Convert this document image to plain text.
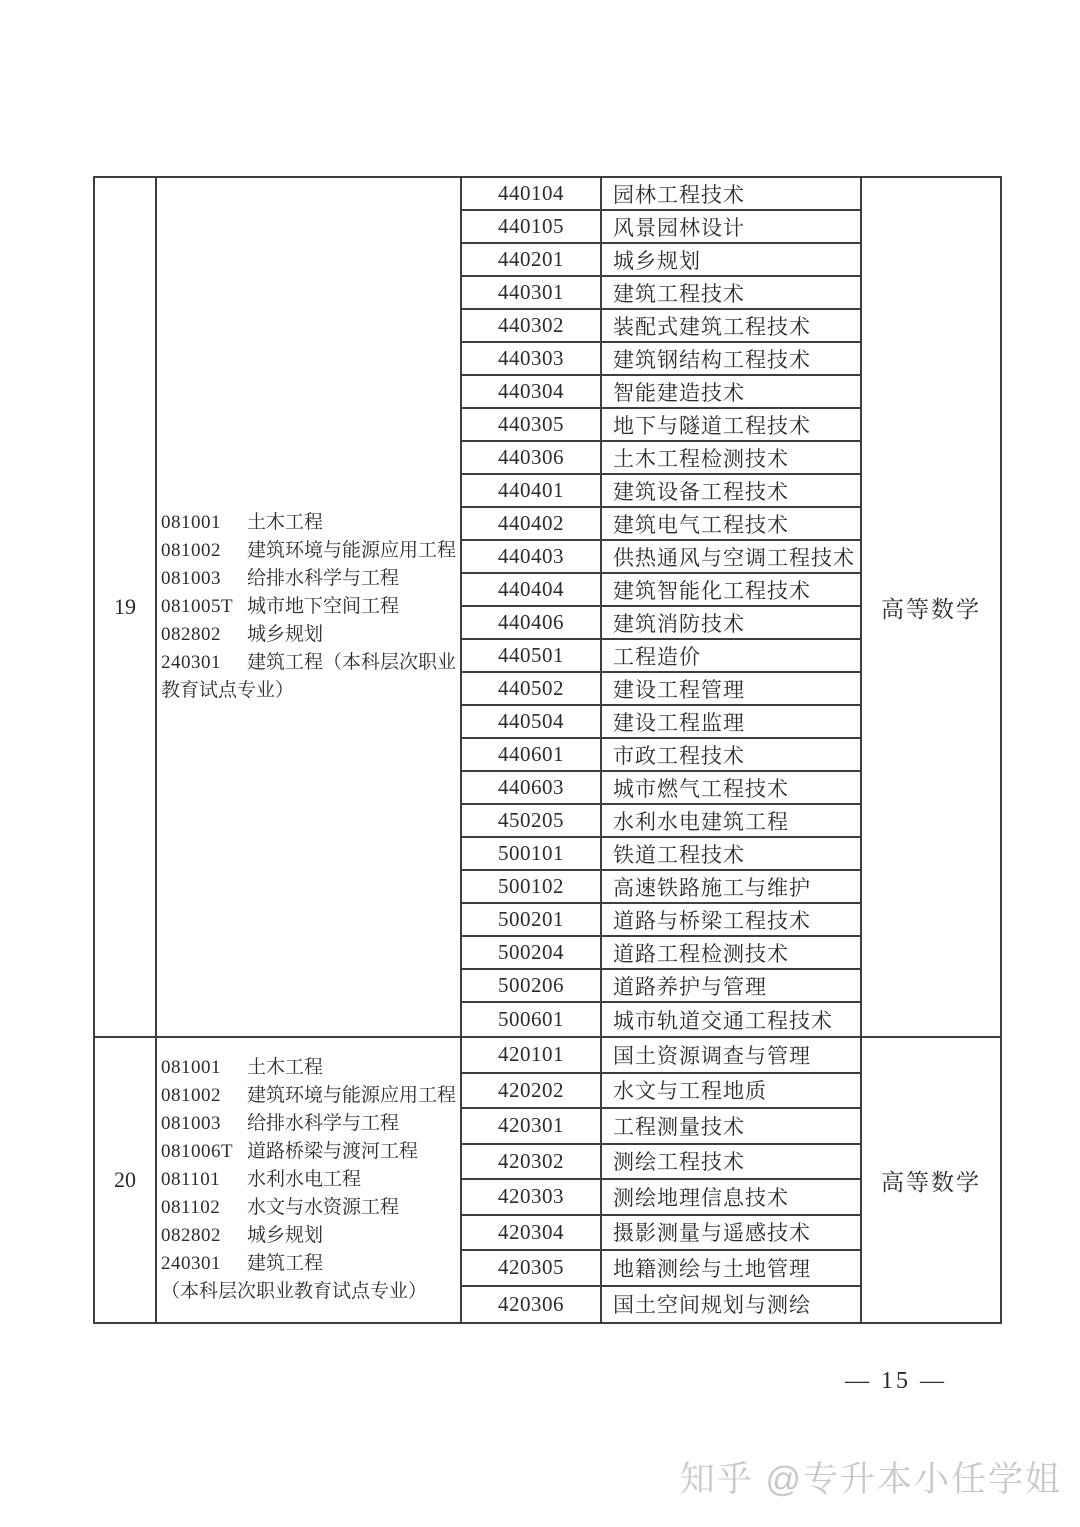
19
081001 土木工程
081002 建筑环境与能源应用工程
081003 给排水科学与工程
081005T 城市地下空间工程
082802 城乡规划
240301 建筑工程（本科层次职业教育试点专业）
440104	园林工程技术
440105	风景园林设计
440201	城乡规划
440301	建筑工程技术
440302	装配式建筑工程技术
440303	建筑钢结构工程技术
440304	智能建造技术
440305	地下与隧道工程技术
440306	土木工程检测技术
440401	建筑设备工程技术
440402	建筑电气工程技术
440403	供热通风与空调工程技术
440404	建筑智能化工程技术
440406	建筑消防技术
440501	工程造价
440502	建设工程管理
440504	建设工程监理
440601	市政工程技术
440603	城市燃气工程技术
450205	水利水电建筑工程
500101	铁道工程技术
500102	高速铁路施工与维护
500201	道路与桥梁工程技术
500204	道路工程检测技术
500206	道路养护与管理
500601	城市轨道交通工程技术
高等数学
20
081001 土木工程
081002 建筑环境与能源应用工程
081003 给排水科学与工程
081006T 道路桥梁与渡河工程
081101 水利水电工程
081102 水文与水资源工程
082802 城乡规划
240301 建筑工程
（本科层次职业教育试点专业）
420101	国土资源调查与管理
420202	水文与工程地质
420301	工程测量技术
420302	测绘工程技术
420303	测绘地理信息技术
420304	摄影测量与遥感技术
420305	地籍测绘与土地管理
420306	国土空间规划与测绘
高等数学
— 15 —
知乎 @专升本小任学姐
